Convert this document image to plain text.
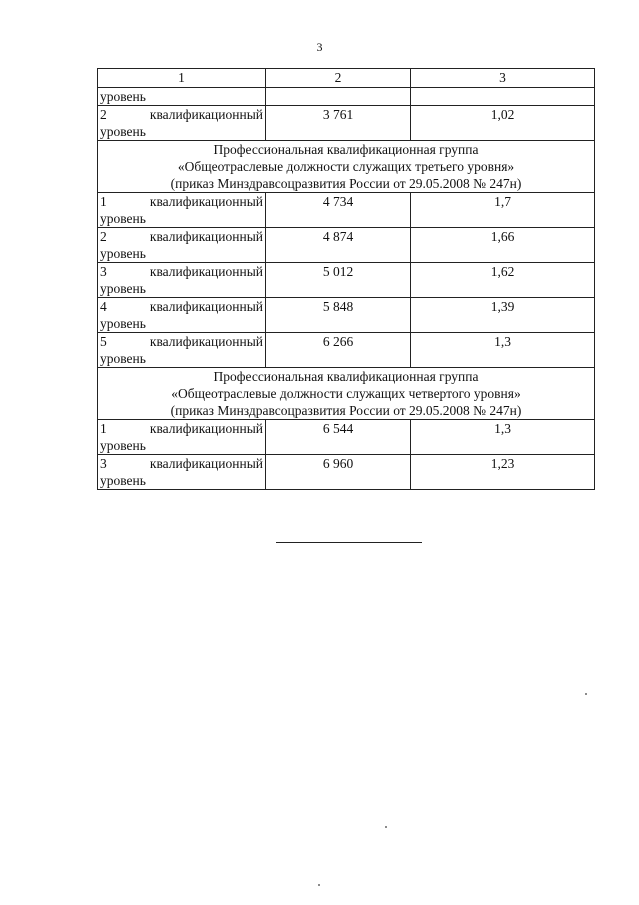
3
1	2	3
уровень		

2 квалификационный
уровень	3 761	1,02

Профессиональная квалификационная группа
«Общеотраслевые должности служащих третьего уровня»
(приказ Минздравсоцразвития России от 29.05.2008 № 247н)		

1 квалификационный
уровень	4 734	1,7

2 квалификационный
уровень	4 874	1,66

3 квалификационный
уровень	5 012	1,62

4 квалификационный
уровень	5 848	1,39

5 квалификационный
уровень	6 266	1,3

Профессиональная квалификационная группа
«Общеотраслевые должности служащих четвертого уровня»
(приказ Минздравсоцразвития России от 29.05.2008 № 247н)		

1 квалификационный
уровень	6 544	1,3

3 квалификационный
уровень	6 960	1,23
